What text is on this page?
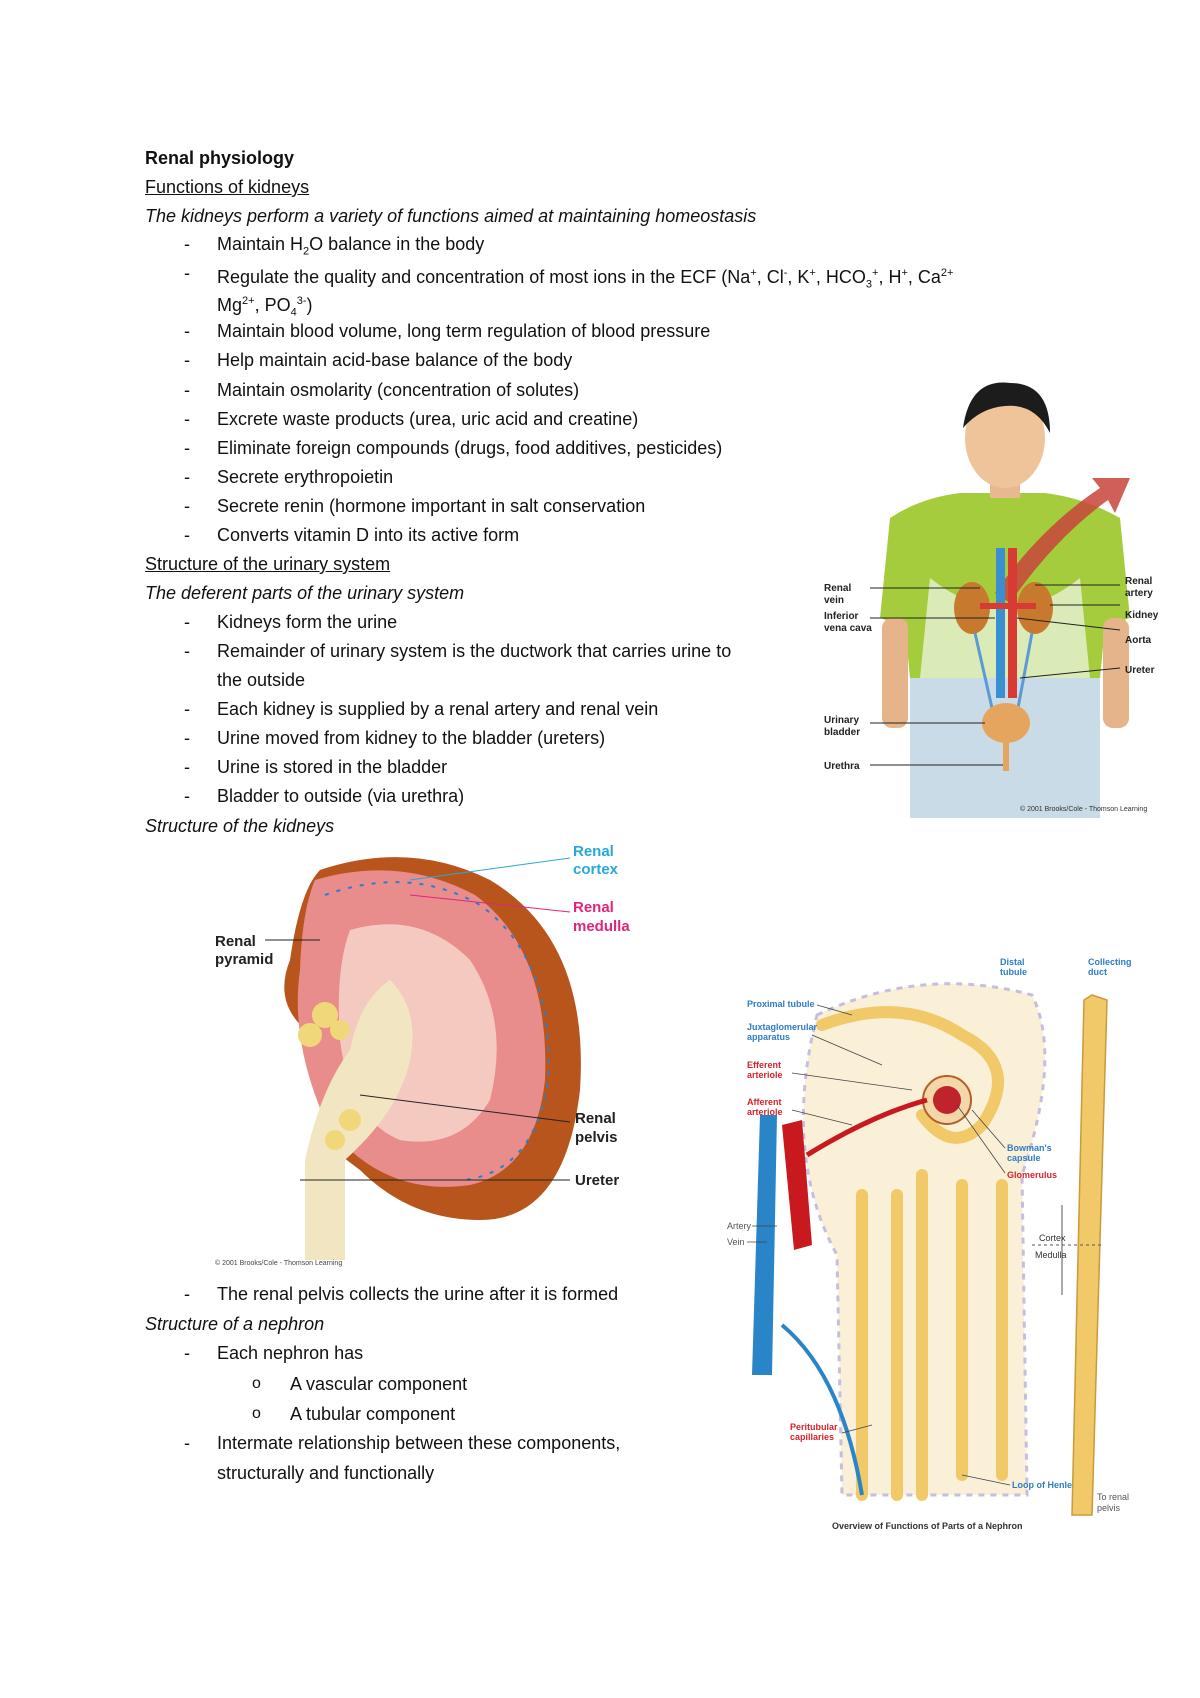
Renal physiology
Functions of kidneys
The kidneys perform a variety of functions aimed at maintaining homeostasis
- Maintain $H_2O$ balance in the body
- Regulate the quality and concentration of most ions in the ECF (Na+, Cl-, K+, $HCO_3^+$, H+, $Ca^{2+}$
$Mg^{2+}$, $PO_4^{3-}$)
- Maintain blood volume, long term regulation of blood pressure
- Help maintain acid-base balance of the body
- Maintain osmolarity (concentration of solutes)
- Excrete waste products (urea, uric acid and creatine)
- Eliminate foreign compounds (drugs, food additives, pesticides)
- Secrete erythropoietin
- Secrete renin (hormone important in salt conservation
- Converts vitamin D into its active form
Structure of the urinary system
The deferent parts of the urinary system
- Kidneys form the urine
- Remainder of urinary system is the ductwork that carries urine to
the outside
- Each kidney is supplied by a renal artery and renal vein
- Urine moved from kidney to the bladder (ureters)
- Urine is stored in the bladder
- Bladder to outside (via urethra)
Structure of the kidneys
- The renal pelvis collects the urine after it is formed
Structure of a nephron
- Each nephron has
o A vascular component
o A tubular component
- Intermate relationship between these components,
structurally and functionally
Renal
artery
Kidney
Aorta
Ureter
Renal
vein
Inferior
vena cava
Urinary
bladder
Urethra
© 2001 Brooks/Cole - Thomson Learning
Renal
cortex
Renal
medulla
Renal
pyramid
Renal
pelvis
Ureter
© 2001 Brooks/Cole - Thomson Learning
Distal
tubule
Collecting
duct
Proximal tubule
Juxtaglomerular
apparatus
Efferent
arteriole
Afferent
arteriole
Bowman's
capsule
Glomerulus
Artery
Vein	Cortex
Medulla
Peritubular
capillaries
Loop of Henle
To renal
pelvis
Overview of Functions of Parts of a Nephron
